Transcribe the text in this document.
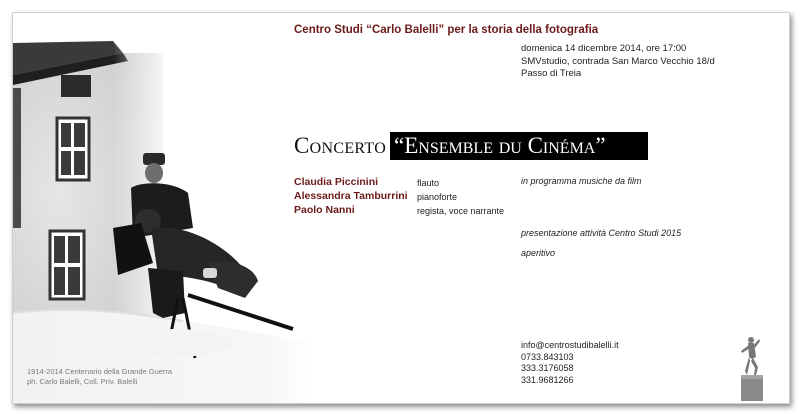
1914-2014 Centenario della Grande Guerra
ph. Carlo Balelli, Coll. Priv. Balelli
Centro Studi “Carlo Balelli” per la storia della fotografia
domenica 14 dicembre 2014, ore 17:00
SMVstudio, contrada San Marco Vecchio 18/d
Passo di Treia
Concerto “Ensemble du Cinéma”
Claudia Piccinini
Alessandra Tamburrini
Paolo Nanni
flauto
pianoforte
regista, voce narrante
in programma musiche da film
presentazione attività Centro Studi 2015
aperitivo
info@centrostudibalelli.it
0733.843103
333.3176058
331.9681266
